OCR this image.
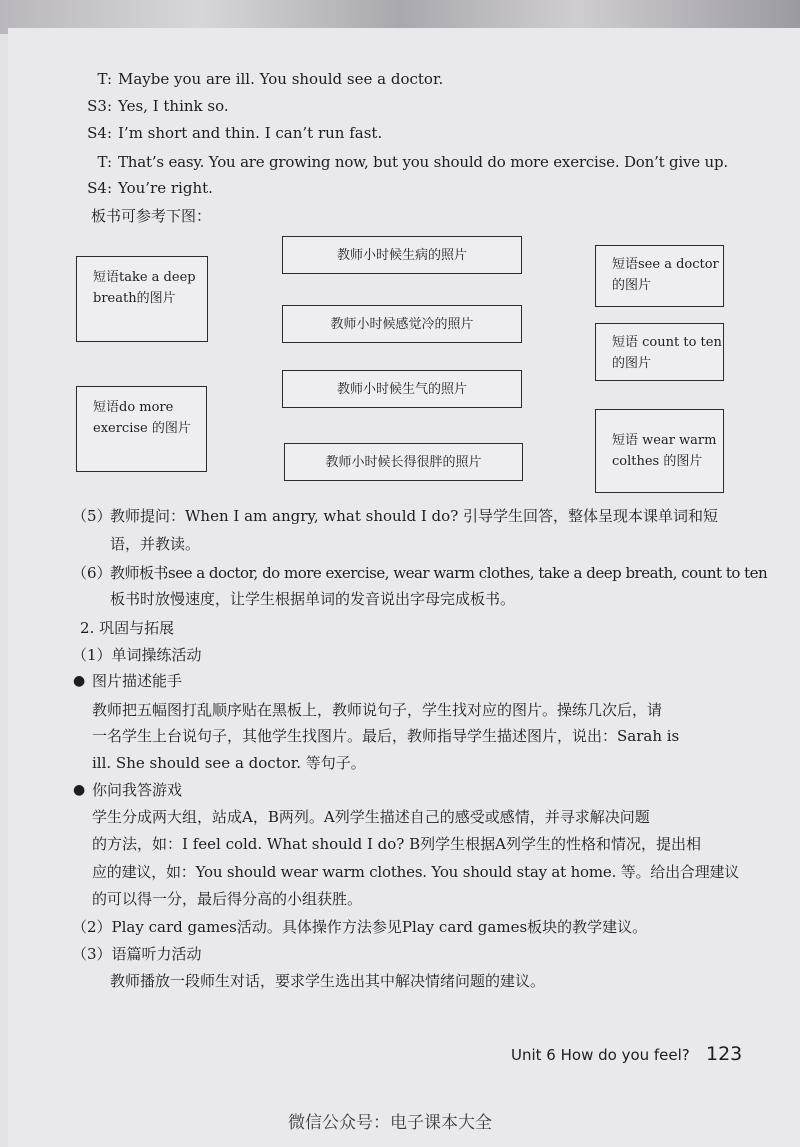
T: Maybe you are ill. You should see a doctor.
S3: Yes, I think so.
S4: I’m short and thin. I can’t run fast.
T: That’s easy. You are growing now, but you should do more exercise. Don’t give up.
S4: You’re right.
板书可参考下图：
教师小时候生病的照片
教师小时候感觉冷的照片
教师小时候生气的照片
教师小时候长得很胖的照片
短语take a deep
breath的图片
短语do more
exercise 的图片
短语see a doctor
的图片
短语 count to ten
的图片
短语 wear warm
colthes 的图片
（5）
教师提问：When I am angry, what should I do? 引导学生回答，整体呈现本课单词和短
语，并教读。
（6）
教师板书see a doctor, do more exercise, wear warm clothes, take a deep breath, count to ten
板书时放慢速度，让学生根据单词的发音说出字母完成板书。
2. 巩固与拓展
（1）单词操练活动
● 图片描述能手
教师把五幅图打乱顺序贴在黑板上，教师说句子，学生找对应的图片。操练几次后，请
一名学生上台说句子，其他学生找图片。最后，教师指导学生描述图片，说出：Sarah is
ill. She should see a doctor. 等句子。
● 你问我答游戏
学生分成两大组，站成A，B两列。A列学生描述自己的感受或感情，并寻求解决问题
的方法，如：I feel cold. What should I do? B列学生根据A列学生的性格和情况，提出相
应的建议，如：You should wear warm clothes. You should stay at home. 等。给出合理建议
的可以得一分，最后得分高的小组获胜。
（2）Play card games活动。具体操作方法参见Play card games板块的教学建议。
（3）语篇听力活动
教师播放一段师生对话，要求学生选出其中解决情绪问题的建议。
Unit 6 How do you feel? 123
微信公众号：电子课本大全
